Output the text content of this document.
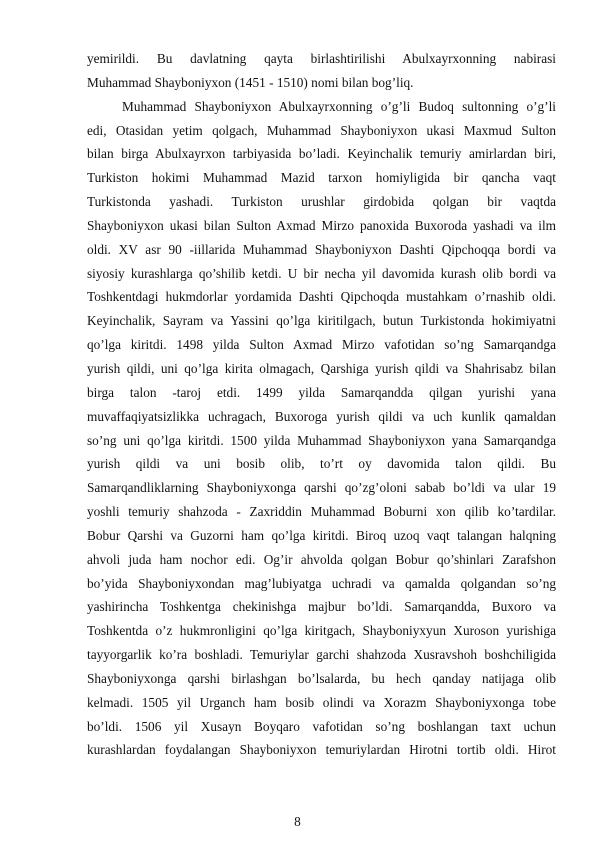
yemirildi. Bu davlatning qayta birlashtirilishi Abulxayrxonning nabirasi
Muhammad Shayboniyxon (1451 - 1510) nomi bilan bog’liq.
Muhammad Shayboniyxon Abulxayrxonning o’g’li Budoq sultonning o’g’li
edi, Otasidan yetim qolgach, Muhammad Shayboniyxon ukasi Maxmud Sulton
bilan birga Abulxayrxon tarbiyasida bo’ladi. Keyinchalik temuriy amirlardan biri,
Turkiston hokimi Muhammad Mazid tarxon homiyligida bir qancha vaqt
Turkistonda yashadi. Turkiston urushlar girdobida qolgan bir vaqtda
Shayboniyxon ukasi bilan Sulton Axmad Mirzo panoxida Buxoroda yashadi va ilm
oldi. XV asr 90 -iillarida Muhammad Shayboniyxon Dashti Qipchoqqa bordi va
siyosiy kurashlarga qo’shilib ketdi. U bir necha yil davomida kurash olib bordi va
Toshkentdagi hukmdorlar yordamida Dashti Qipchoqda mustahkam o’rnashib oldi.
Keyinchalik, Sayram va Yassini qo’lga kiritilgach, butun Turkistonda hokimiyatni
qo’lga kiritdi. 1498 yilda Sulton Axmad Mirzo vafotidan so’ng Samarqandga
yurish qildi, uni qo’lga kirita olmagach, Qarshiga yurish qildi va Shahrisabz bilan
birga talon -taroj etdi. 1499 yilda Samarqandda qilgan yurishi yana
muvaffaqiyatsizlikka uchragach, Buxoroga yurish qildi va uch kunlik qamaldan
so’ng uni qo’lga kiritdi. 1500 yilda Muhammad Shayboniyxon yana Samarqandga
yurish qildi va uni bosib olib, to’rt oy davomida talon qildi. Bu
Samarqandliklarning Shayboniyxonga qarshi qo’zg’oloni sabab bo’ldi va ular 19
yoshli temuriy shahzoda - Zaxriddin Muhammad Boburni xon qilib ko’tardilar.
Bobur Qarshi va Guzorni ham qo’lga kiritdi. Biroq uzoq vaqt talangan halqning
ahvoli juda ham nochor edi. Og’ir ahvolda qolgan Bobur qo’shinlari Zarafshon
bo’yida Shayboniyxondan mag’lubiyatga uchradi va qamalda qolgandan so’ng
yashirincha Toshkentga chekinishga majbur bo’ldi. Samarqandda, Buxoro va
Toshkentda o’z hukmronligini qo’lga kiritgach, Shayboniyxyun Xuroson yurishiga
tayyorgarlik ko’ra boshladi. Temuriylar garchi shahzoda Xusravshoh boshchiligida
Shayboniyxonga qarshi birlashgan bo’lsalarda, bu hech qanday natijaga olib
kelmadi. 1505 yil Urganch ham bosib olindi va Xorazm Shayboniyxonga tobe
bo’ldi. 1506 yil Xusayn Boyqaro vafotidan so’ng boshlangan taxt uchun
kurashlardan foydalangan Shayboniyxon temuriylardan Hirotni tortib oldi. Hirot
8
